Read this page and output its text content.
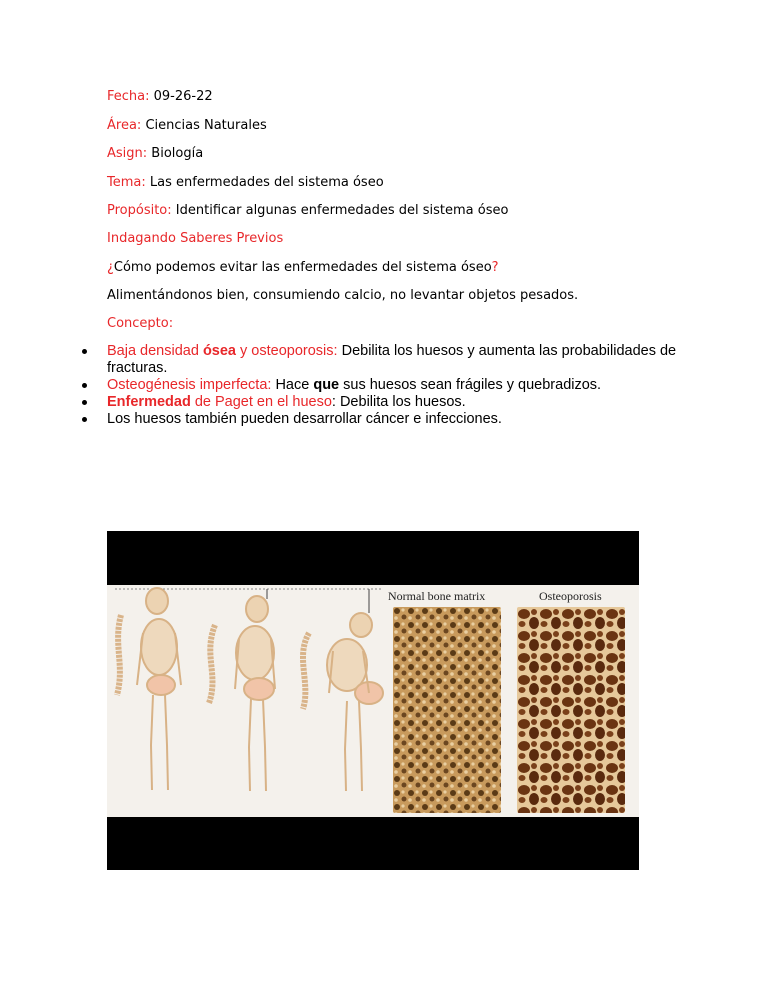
Fecha: 09-26-22
Área: Ciencias Naturales
Asign: Biología
Tema: Las enfermedades del sistema óseo
Propósito: Identificar algunas enfermedades del sistema óseo
Indagando Saberes Previos
¿Cómo podemos evitar las enfermedades del sistema óseo?
Alimentándonos bien, consumiendo calcio, no levantar objetos pesados.
Concepto:
Baja densidad ósea y osteoporosis: Debilita los huesos y aumenta las probabilidades de fracturas.
Osteogénesis imperfecta: Hace que sus huesos sean frágiles y quebradizos.
Enfermedad de Paget en el hueso: Debilita los huesos.
Los huesos también pueden desarrollar cáncer e infecciones.
Normal bone matrix	Osteoporosis
